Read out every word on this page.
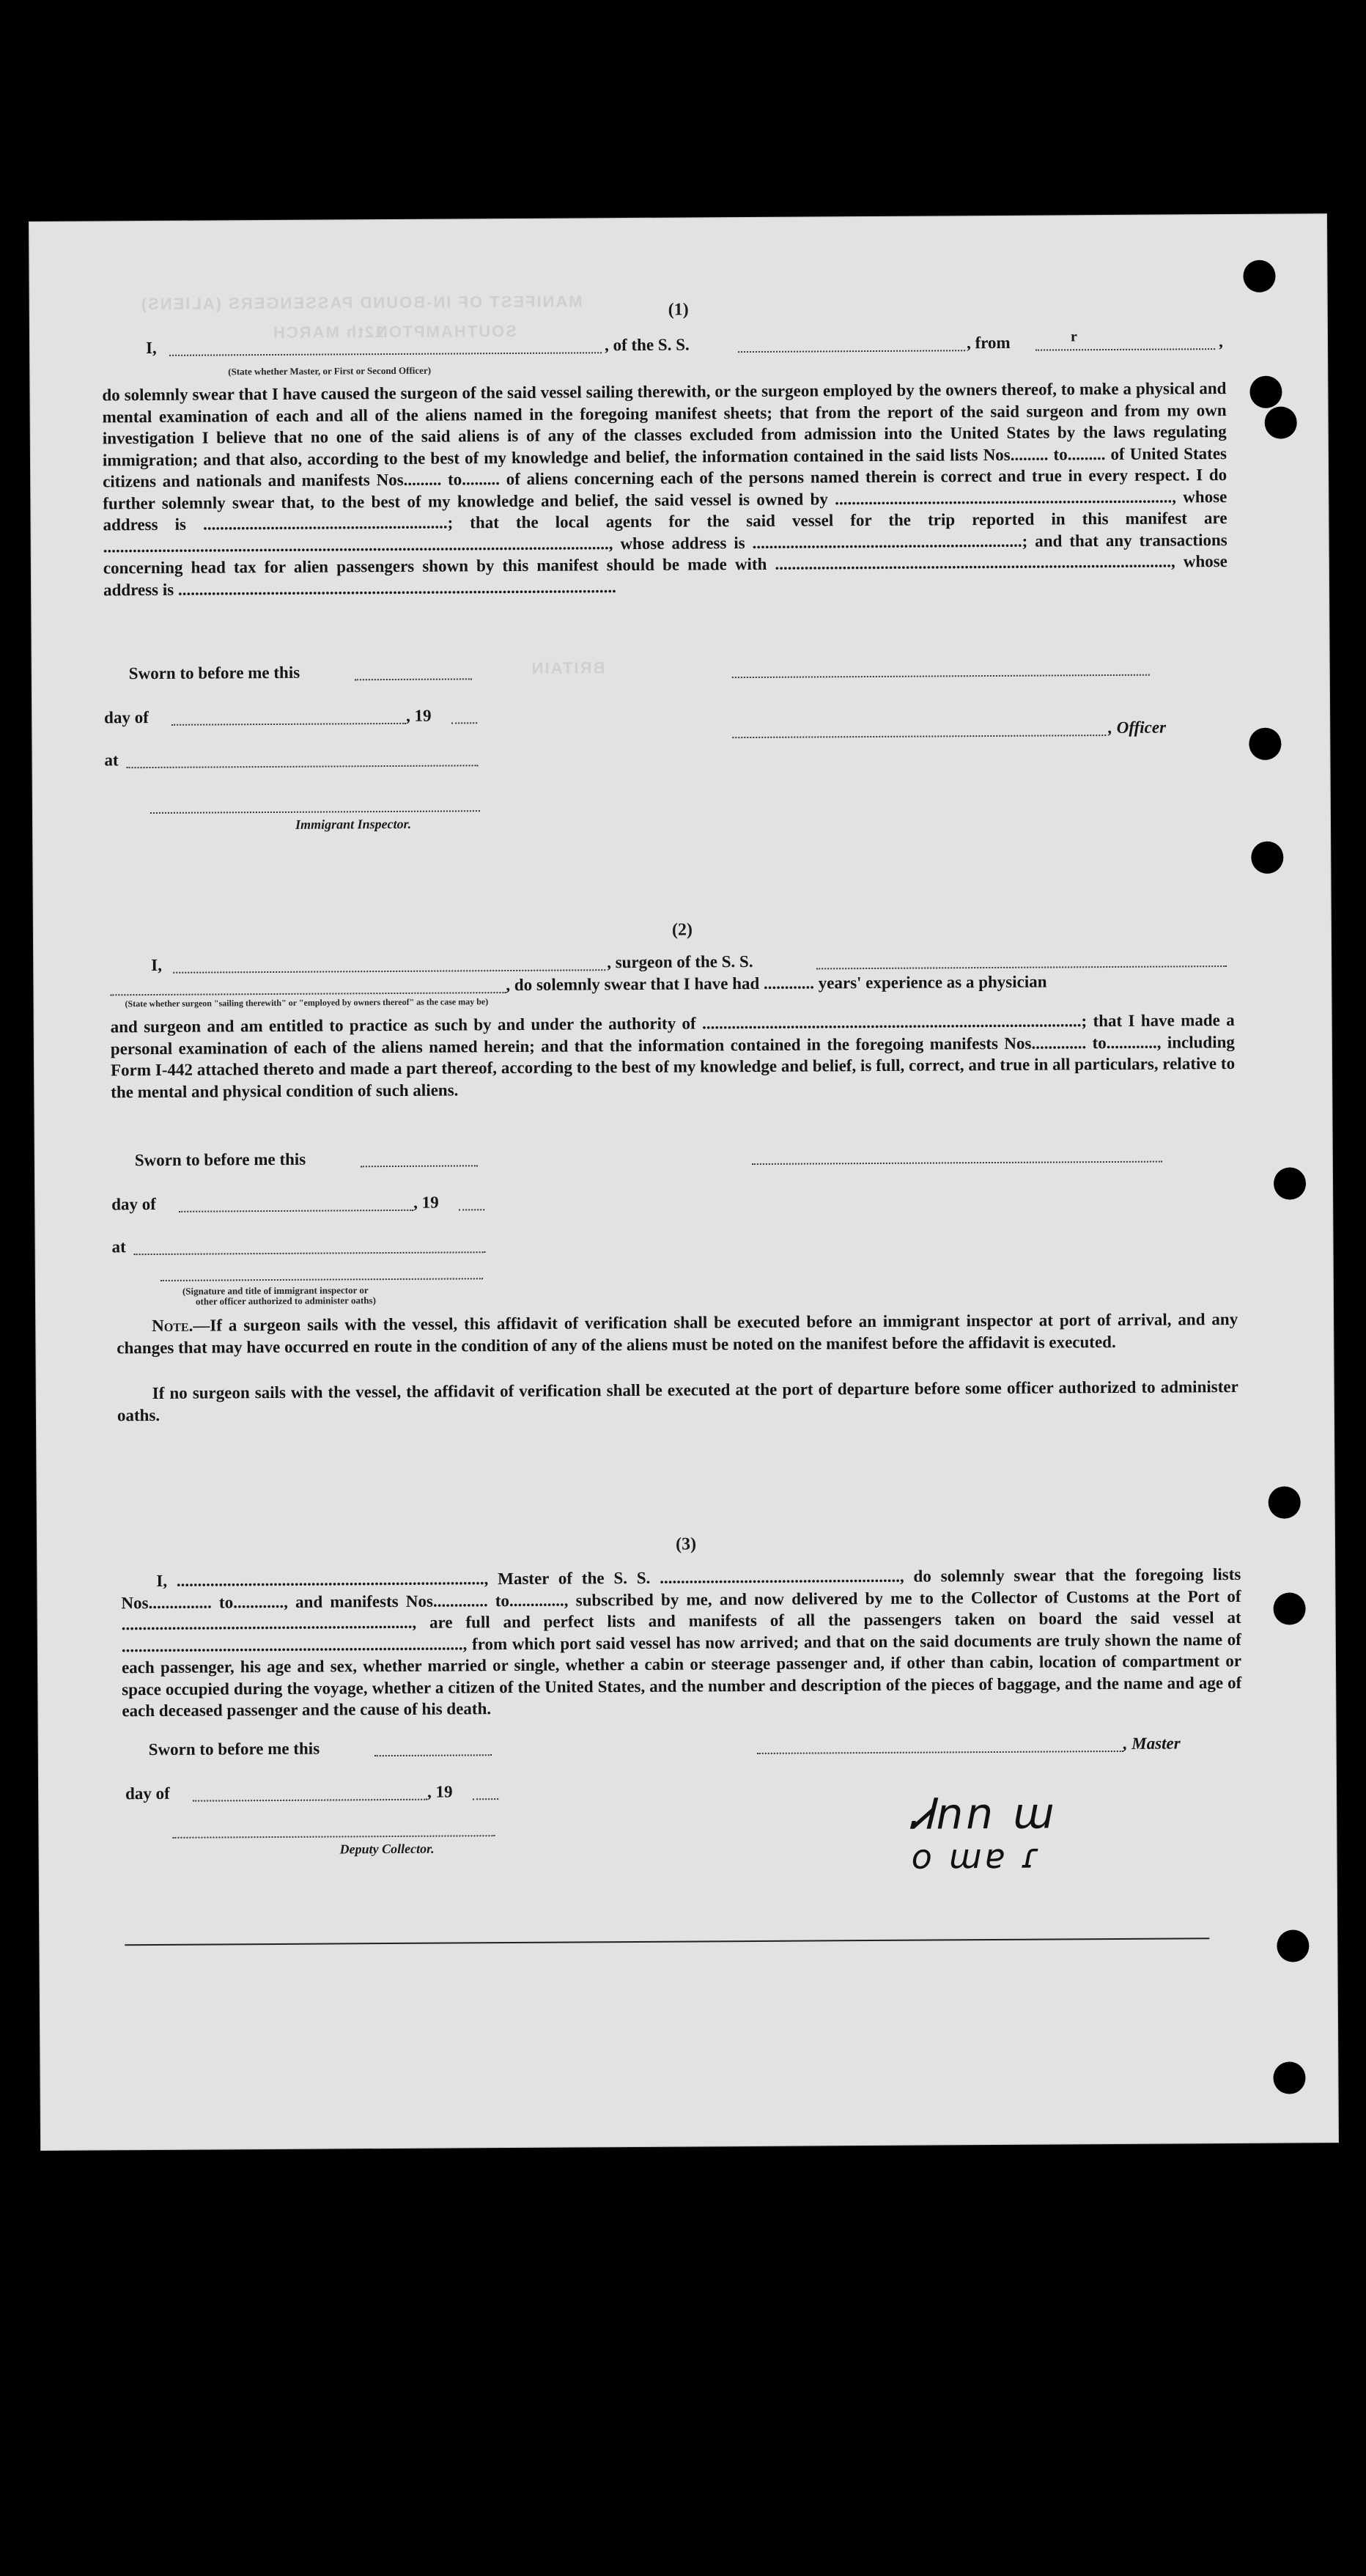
MANIFEST OF IN-BOUND PASSENGERS (ALIENS)
SOUTHAMPTON
12th MARCH
BRITAIN
(1)
I,	, of the S. S.	, from	r	,
(State whether Master, or First or Second Officer)
do solemnly swear that I have caused the surgeon of the said vessel sailing therewith, or the surgeon employed by the owners thereof, to make a physical and mental examination of each and all of the aliens named in the foregoing manifest sheets; that from the report of the said surgeon and from my own investigation I believe that no one of the said aliens is of any of the classes excluded from admission into the United States by the laws regulating immigration; and that also, according to the best of my knowledge and belief, the information contained in the said lists Nos......... to......... of United States citizens and nationals and manifests Nos......... to......... of aliens concerning each of the persons named therein is correct and true in every respect. I do further solemnly swear that, to the best of my knowledge and belief, the said vessel is owned by ................................................................................, whose address is ..........................................................; that the local agents for the said vessel for the trip reported in this manifest are ........................................................................................................................, whose address is ................................................................; and that any transactions concerning head tax for alien passengers shown by this manifest should be made with .............................................................................................., whose address is ........................................................................................................
Sworn to before me this
day of	, 19
, Officer
at
Immigrant Inspector.
(2)
I,	, surgeon of the S. S.
, do solemnly swear that I have had ............ years' experience as a physician
(State whether surgeon "sailing therewith" or "employed by owners thereof" as the case may be)
and surgeon and am entitled to practice as such by and under the authority of ..........................................................................................; that I have made a personal examination of each of the aliens named herein; and that the information contained in the foregoing manifests Nos............. to............, including Form I-442 attached thereto and made a part thereof, according to the best of my knowledge and belief, is full, correct, and true in all particulars, relative to the mental and physical condition of such aliens.
Sworn to before me this
day of	, 19
at
(Signature and title of immigrant inspector or
other officer authorized to administer oaths)
Note.—If a surgeon sails with the vessel, this affidavit of verification shall be executed before an immigrant inspector at port of arrival, and any changes that may have occurred en route in the condition of any of the aliens must be noted on the manifest before the affidavit is executed.
If no surgeon sails with the vessel, the affidavit of verification shall be executed at the port of departure before some officer authorized to administer oaths.
(3)
I, ........................................................................., Master of the S. S. ........................................................., do solemnly swear that the foregoing lists Nos............... to............, and manifests Nos............. to............., subscribed by me, and now delivered by me to the Collector of Customs at the Port of ....................................................................., are full and perfect lists and manifests of all the passengers taken on board the said vessel at ................................................................................., from which port said vessel has now arrived; and that on the said documents are truly shown the name of each passenger, his age and sex, whether married or single, whether a cabin or steerage passenger and, if other than cabin, location of compartment or space occupied during the voyage, whether a citizen of the United States, and the number and description of the pieces of baggage, and the name and age of each deceased passenger and the cause of his death.
Sworn to before me this	, Master
day of	, 19
Deputy Collector.
Ꮧnn ɯ
o ɯɐ ɾ
